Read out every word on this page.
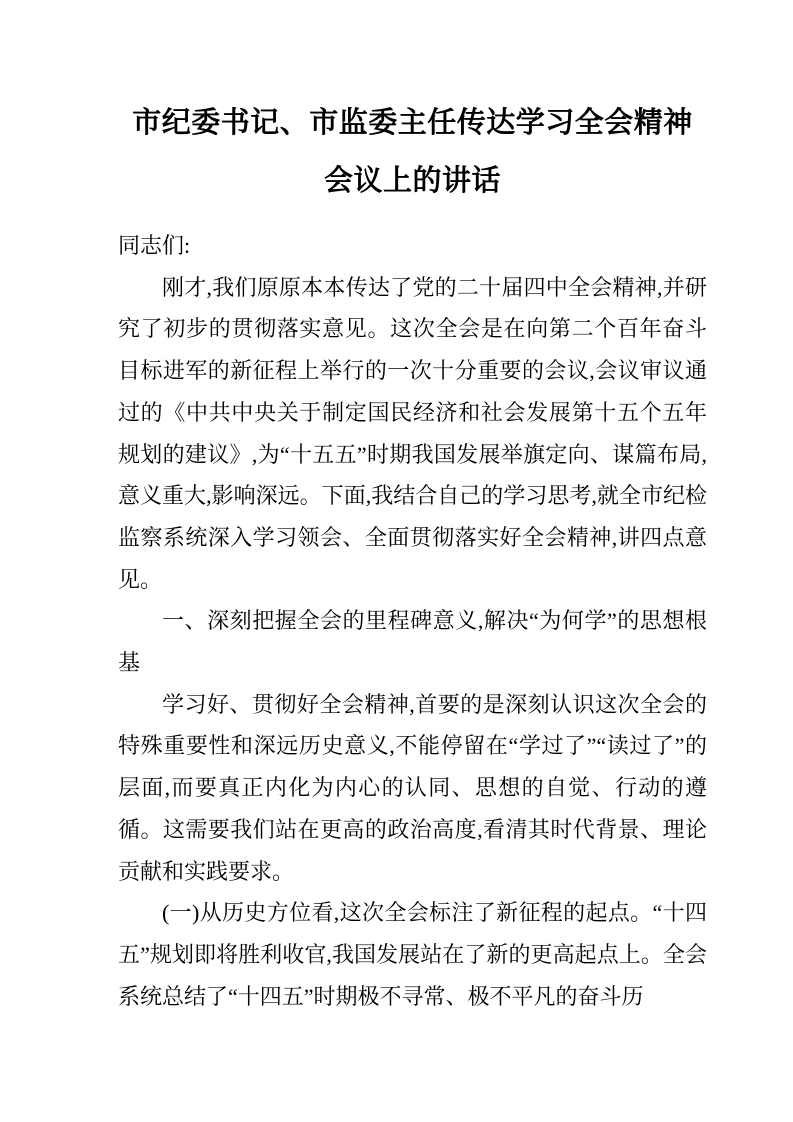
市纪委书记、市监委主任传达学习全会精神
会议上的讲话

同志们:

刚才,我们原原本本传达了党的二十届四中全会精神,并研究了初步的贯彻落实意见。这次全会是在向第二个百年奋斗目标进军的新征程上举行的一次十分重要的会议,会议审议通过的《中共中央关于制定国民经济和社会发展第十五个五年规划的建议》,为“十五五”时期我国发展举旗定向、谋篇布局,意义重大,影响深远。下面,我结合自己的学习思考,就全市纪检监察系统深入学习领会、全面贯彻落实好全会精神,讲四点意见。

一、深刻把握全会的里程碑意义,解决“为何学”的思想根基

学习好、贯彻好全会精神,首要的是深刻认识这次全会的特殊重要性和深远历史意义,不能停留在“学过了”“读过了”的层面,而要真正内化为内心的认同、思想的自觉、行动的遵循。这需要我们站在更高的政治高度,看清其时代背景、理论贡献和实践要求。

(一)从历史方位看,这次全会标注了新征程的起点。“十四五”规划即将胜利收官,我国发展站在了新的更高起点上。全会系统总结了“十四五”时期极不寻常、极不平凡的奋斗历
